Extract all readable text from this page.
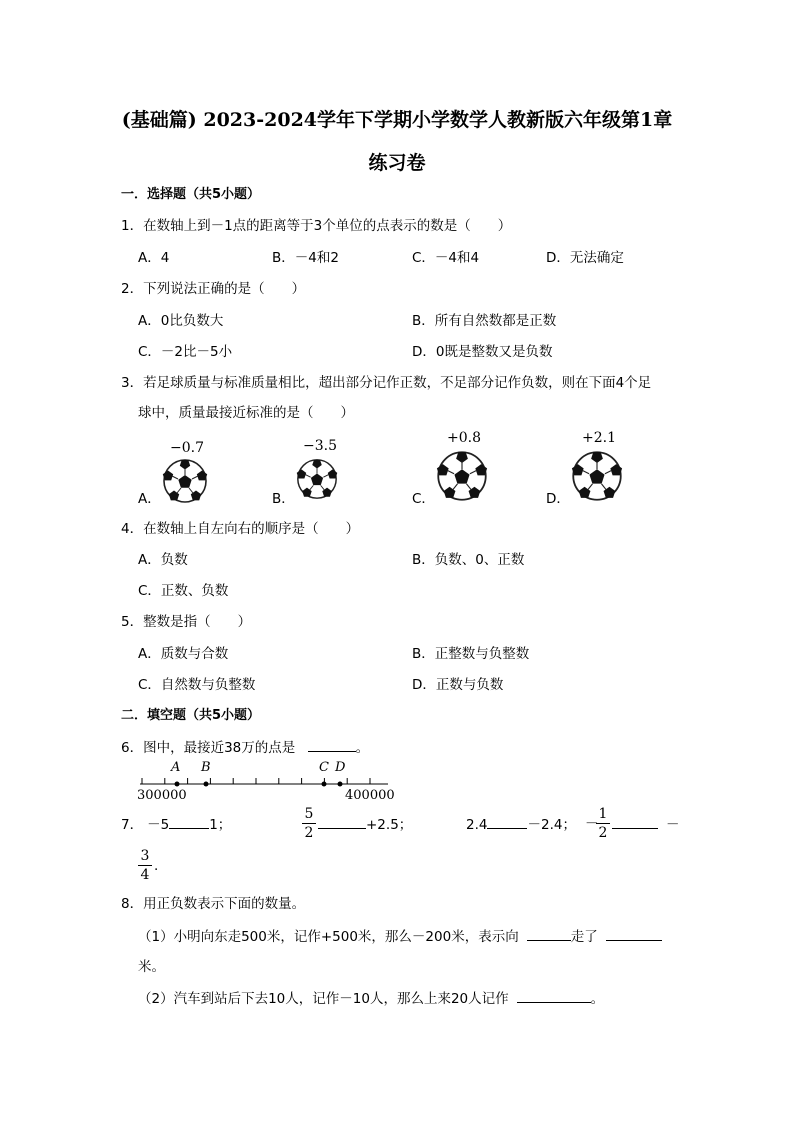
(基础篇) 2023-2024学年下学期小学数学人教新版六年级第1章
练习卷
一．选择题（共5小题）
1．在数轴上到－1点的距离等于3个单位的点表示的数是（　　）
A．4	B．－4和2	C．－4和4	D．无法确定
2．下列说法正确的是（　　）
A．0比负数大	B．所有自然数都是正数
C．－2比－5小	D．0既是整数又是负数
3．若足球质量与标准质量相比，超出部分记作正数，不足部分记作负数，则在下面4个足
球中，质量最接近标准的是（　　）
−0.7	−3.5	+0.8	+2.1
A．	B．	C．	D．
4．在数轴上自左向右的顺序是（　　）
A．负数	B．负数、0、正数
C．正数、负数
5．整数是指（　　）
A．质数与合数	B．正整数与负整数
C．自然数与负整数	D．正数与负数
二．填空题（共5小题）
6．图中，最接近38万的点是	。
A B	C D
300000	400000
7． －5	1；
5
2	+2.5；	2.4	－2.4； －
1
2	－
3
4
.
8．用正负数表示下面的数量。
（1）小明向东走500米，记作+500米，那么－200米，表示向	走了
米。
（2）汽车到站后下去10人，记作－10人，那么上来20人记作	。
